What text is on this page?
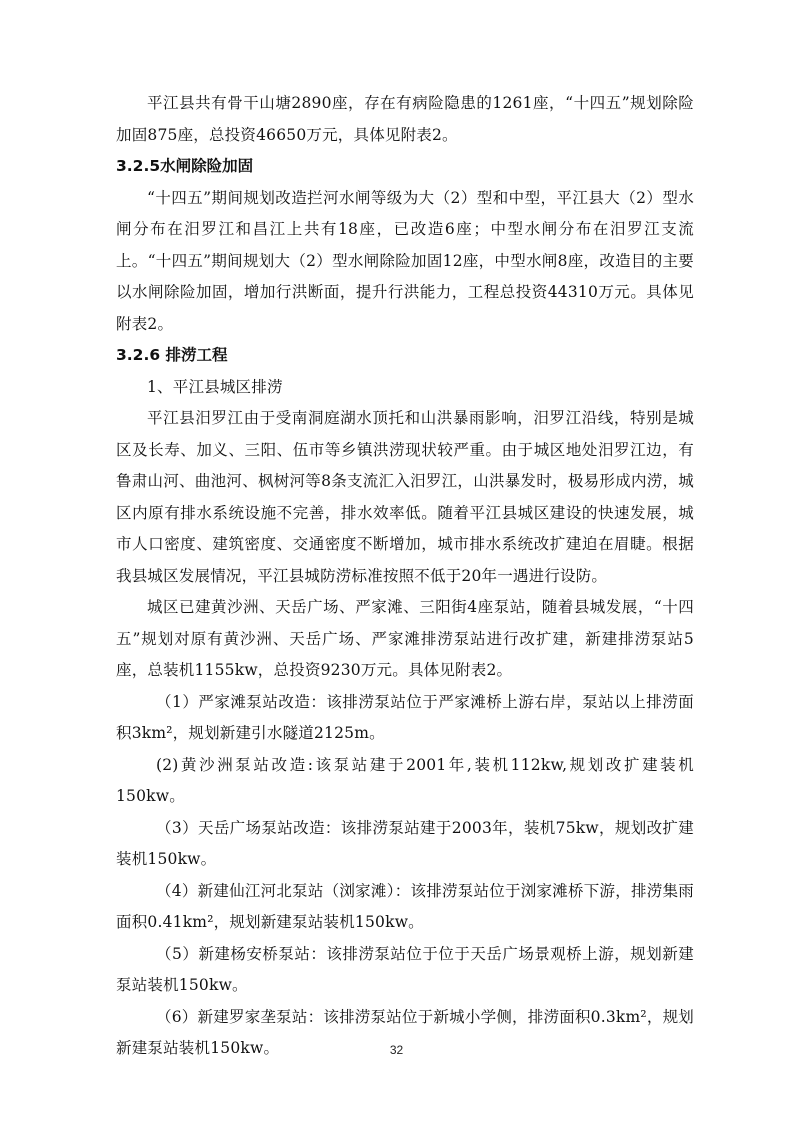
平江县共有骨干山塘2890座，存在有病险隐患的1261座，“十四五”规划除险加固875座，总投资46650万元，具体见附表2。

3.2.5水闸除险加固

“十四五”期间规划改造拦河水闸等级为大（2）型和中型，平江县大（2）型水闸分布在汨罗江和昌江上共有18座，已改造6座；中型水闸分布在汨罗江支流上。“十四五”期间规划大（2）型水闸除险加固12座，中型水闸8座，改造目的主要以水闸除险加固，增加行洪断面，提升行洪能力，工程总投资44310万元。具体见附表2。

3.2.6 排涝工程

1、平江县城区排涝

平江县汨罗江由于受南洞庭湖水顶托和山洪暴雨影响，汨罗江沿线，特别是城区及长寿、加义、三阳、伍市等乡镇洪涝现状较严重。由于城区地处汨罗江边，有鲁肃山河、曲池河、枫树河等8条支流汇入汨罗江，山洪暴发时，极易形成内涝，城区内原有排水系统设施不完善，排水效率低。随着平江县城区建设的快速发展，城市人口密度、建筑密度、交通密度不断增加，城市排水系统改扩建迫在眉睫。根据我县城区发展情况，平江县城防涝标准按照不低于20年一遇进行设防。

城区已建黄沙洲、天岳广场、严家滩、三阳街4座泵站，随着县城发展，“十四五”规划对原有黄沙洲、天岳广场、严家滩排涝泵站进行改扩建，新建排涝泵站5座，总装机1155kw，总投资9230万元。具体见附表2。

（1）严家滩泵站改造：该排涝泵站位于严家滩桥上游右岸，泵站以上排涝面积3km²，规划新建引水隧道2125m。

(2)黄沙洲泵站改造:该泵站建于2001年,装机112kw,规划改扩建装机150kw。

（3）天岳广场泵站改造：该排涝泵站建于2003年，装机75kw，规划改扩建装机150kw。

（4）新建仙江河北泵站（浏家滩）：该排涝泵站位于浏家滩桥下游，排涝集雨面积0.41km²，规划新建泵站装机150kw。

（5）新建杨安桥泵站：该排涝泵站位于位于天岳广场景观桥上游，规划新建泵站装机150kw。

（6）新建罗家垄泵站：该排涝泵站位于新城小学侧，排涝面积0.3km²，规划新建泵站装机150kw。	32
